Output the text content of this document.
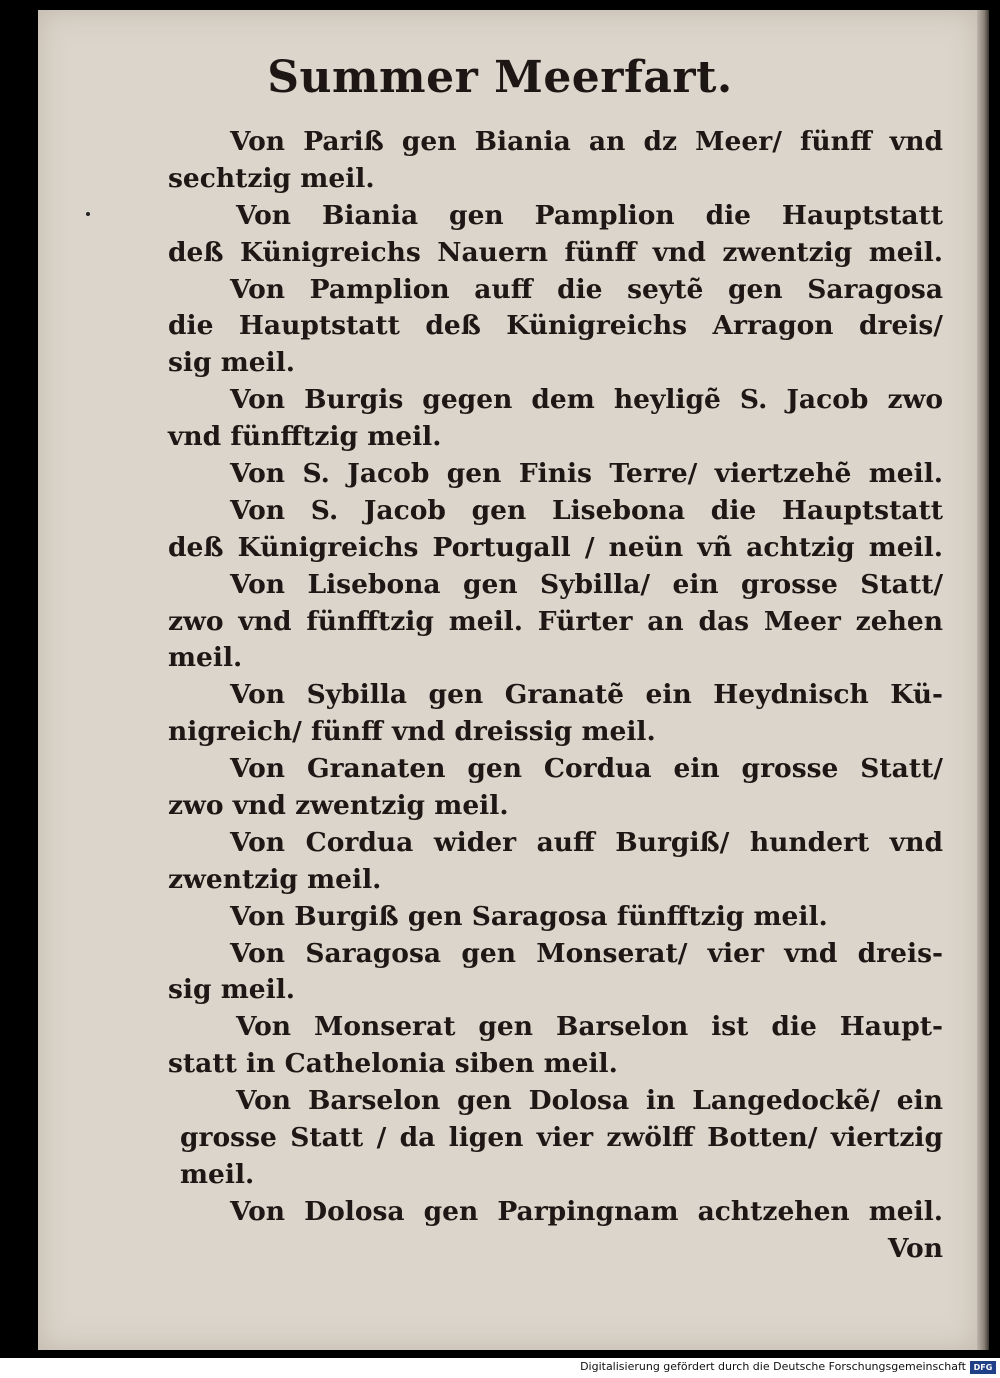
Summer Meerfart.
Von Pariß gen Biania an dz Meer/ fünff vnd
sechtzig meil.
Von Biania gen Pamplion die Hauptstatt
deß Künigreichs Nauern fünff vnd zwentzig meil.
Von Pamplion auff die seytẽ gen Saragosa
die Hauptstatt deß Künigreichs Arragon dreis/
sig meil.
Von Burgis gegen dem heyligẽ S. Jacob zwo
vnd fünfftzig meil.
Von S. Jacob gen Finis Terre/ viertzehẽ meil.
Von S. Jacob gen Lisebona die Hauptstatt
deß Künigreichs Portugall / neün vñ achtzig meil.
Von Lisebona gen Sybilla/ ein grosse Statt/
zwo vnd fünfftzig meil. Fürter an das Meer zehen
meil.
Von Sybilla gen Granatẽ ein Heydnisch Kü-
nigreich/ fünff vnd dreissig meil.
Von Granaten gen Cordua ein grosse Statt/
zwo vnd zwentzig meil.
Von Cordua wider auff Burgiß/ hundert vnd
zwentzig meil.
Von Burgiß gen Saragosa fünfftzig meil.
Von Saragosa gen Monserat/ vier vnd dreis-
sig meil.
Von Monserat gen Barselon ist die Haupt-
statt in Cathelonia siben meil.
Von Barselon gen Dolosa in Langedockẽ/ ein
grosse Statt / da ligen vier zwölff Botten/ viertzig
meil.
Von Dolosa gen Parpingnam achtzehen meil.
Von
Digitalisierung gefördert durch die Deutsche Forschungsgemeinschaft DFG
